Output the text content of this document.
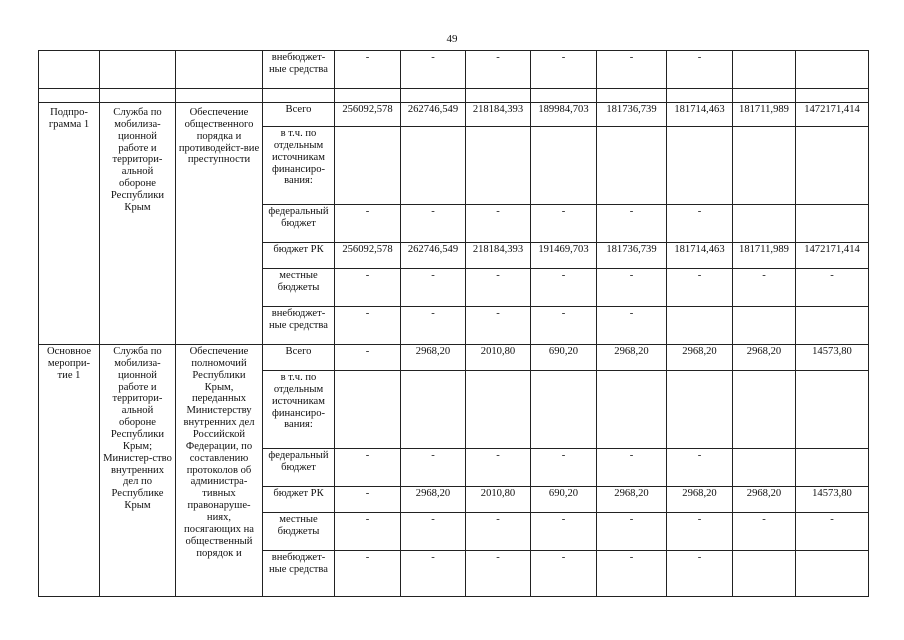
49
			внебюджет-ные средства	-	-	-	-	-	-		

Подпро-грамма 1	Служба по мобилиза-ционной работе и территори-альной обороне Республики Крым	Обеспечение общественного порядка и противодейст-вие преступности	Всего	256092,578	262746,549	218184,393	189984,703	181736,739	181714,463	181711,989	1472171,414
			в т.ч. по отдельным источникам финансиро-вания:								
			федеральный бюджет	-	-	-	-	-	-		
			бюджет РК	256092,578	262746,549	218184,393	191469,703	181736,739	181714,463	181711,989	1472171,414
			местные бюджеты	-	-	-	-	-	-	-	-
			внебюджет-ные средства	-	-	-	-	-			
Основное меропри-тие 1	Служба по мобилиза-ционной работе и территори-альной обороне Республики Крым; Министер-ство внутренних дел по Республике Крым	Обеспечение полномочий Республики Крым, переданных Министерству внутренних дел Российской Федерации, по составлению протоколов об администра-тивных правонаруше-ниях, посягающих на общественный порядок и	Всего	-	2968,20	2010,80	690,20	2968,20	2968,20	2968,20	14573,80
			в т.ч. по отдельным источникам финансиро-вания:								
			федеральный бюджет	-	-	-	-	-	-		
			бюджет РК	-	2968,20	2010,80	690,20	2968,20	2968,20	2968,20	14573,80
			местные бюджеты	-	-	-	-	-	-	-	-
			внебюджет-ные средства	-	-	-	-	-	-		
